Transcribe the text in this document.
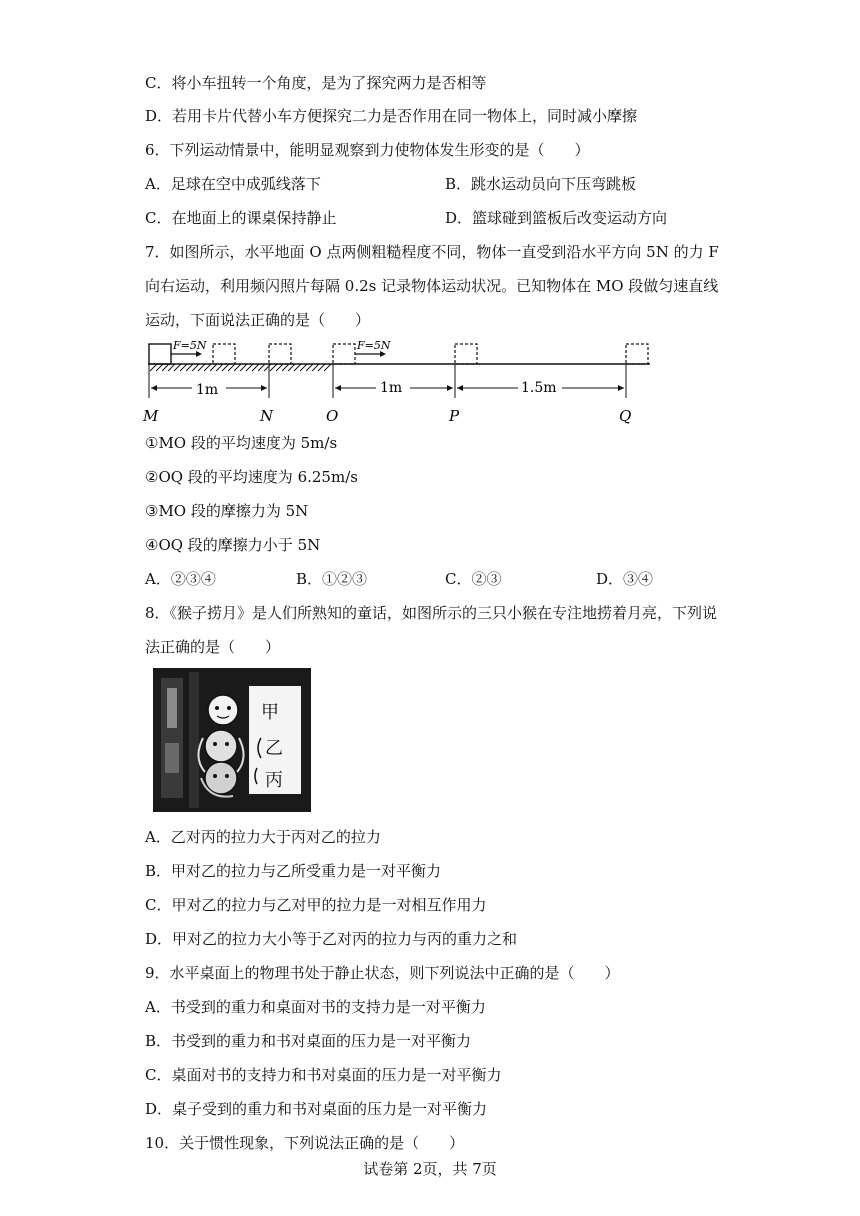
C．将小车扭转一个角度，是为了探究两力是否相等
D．若用卡片代替小车方便探究二力是否作用在同一物体上，同时减小摩擦
6．下列运动情景中，能明显观察到力使物体发生形变的是（　　）
A．足球在空中成弧线落下	B．跳水运动员向下压弯跳板
C．在地面上的课桌保持静止	D．篮球碰到篮板后改变运动方向
7．如图所示，水平地面 O 点两侧粗糙程度不同，物体一直受到沿水平方向 5N 的力 F
向右运动，利用频闪照片每隔 0.2s 记录物体运动状况。已知物体在 MO 段做匀速直线
运动，下面说法正确的是（　　）
F=5N	F=5N
1m	1m	1.5m
M	N	O	P	Q
①MO 段的平均速度为 5m/s
②OQ 段的平均速度为 6.25m/s
③MO 段的摩擦力为 5N
④OQ 段的摩擦力小于 5N
A．②③④	B．①②③	C．②③	D．③④
8．《猴子捞月》是人们所熟知的童话，如图所示的三只小猴在专注地捞着月亮，下列说
法正确的是（　　）
甲
乙
丙
A．乙对丙的拉力大于丙对乙的拉力
B．甲对乙的拉力与乙所受重力是一对平衡力
C．甲对乙的拉力与乙对甲的拉力是一对相互作用力
D．甲对乙的拉力大小等于乙对丙的拉力与丙的重力之和
9．水平桌面上的物理书处于静止状态，则下列说法中正确的是（　　）
A．书受到的重力和桌面对书的支持力是一对平衡力
B．书受到的重力和书对桌面的压力是一对平衡力
C．桌面对书的支持力和书对桌面的压力是一对平衡力
D．桌子受到的重力和书对桌面的压力是一对平衡力
10．关于惯性现象，下列说法正确的是（　　）
试卷第 2页，共 7页
